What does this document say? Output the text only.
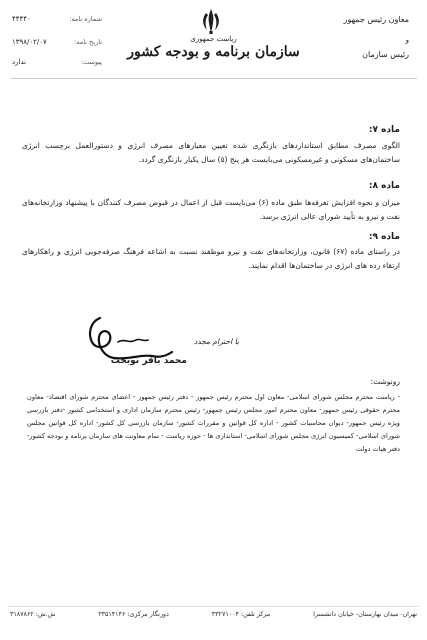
معاون رئیس جمهور
و
رئیس سازمان
ریاست جمهوری
سازمان برنامه و بودجه کشور
۴۴۴۴۰	شماره نامه:
۱۳۹۸/۰۲/۰۷	تاریخ نامه:
ندارد	پیوست:
ماده ۷:
الگوی مصرف مطابق استانداردهای بازنگری شده تعیین معیارهای مصرف انرژی و دستورالعمل برچسب انرژی ساختمان‌های مسکونی و غیرمسکونی می‌بایست هر پنج (۵) سال یکبار بازنگری گردد.
ماده ۸:
میزان و نحوه افزایش تعرفه‌ها طبق ماده (۶) می‌بایست قبل از اعمال در قبوض مصرف کنندگان با پیشنهاد وزارتخانه‌های نفت و نیرو به تأیید شورای عالی انرژی برسد.
ماده ۹:
در راستای ماده (۶۷) قانون، وزارتخانه‌های نفت و نیرو موظفند نسبت به اشاعه فرهنگ صرفه‌جویی انرژی و راهکارهای ارتقاء رده های انرژی در ساختمان‌ها اقدام نمایند.
با احترام مجدد
محمد باقر نوبخت
رونوشت:
- ریاست محترم مجلس شورای اسلامی- معاون اول محترم رئیس جمهور - دفتر رئیس جمهور - اعضای محترم شورای اقتصاد- معاون محترم حقوقی رئیس جمهور- معاون محترم امور مجلس رئیس جمهور- رئیس محترم سازمان اداری و استخدامی کشور -دفتر بازرسی ویژه رئیس جمهور- دیوان محاسبات کشور - اداره کل قوانین و مقررات کشور- سازمان بازرسی کل کشور- اداره کل قوانین مجلس شورای اسلامی- کمیسیون انرژی مجلس شورای اسلامی- استانداری ها - حوزه ریاست - تمام معاونت های سازمان برنامه و بودجه کشور- دفتر هیات دولت
تهران- میدان بهارستان- خیابان دانشسرا
مرکز تلفن: ۳۳۲۷۱۰۰۴
دورنگار مرکزی: ۳۳۵۱۴۱۴۶
ش.ش: ۳۱۸۷۸۶۲
